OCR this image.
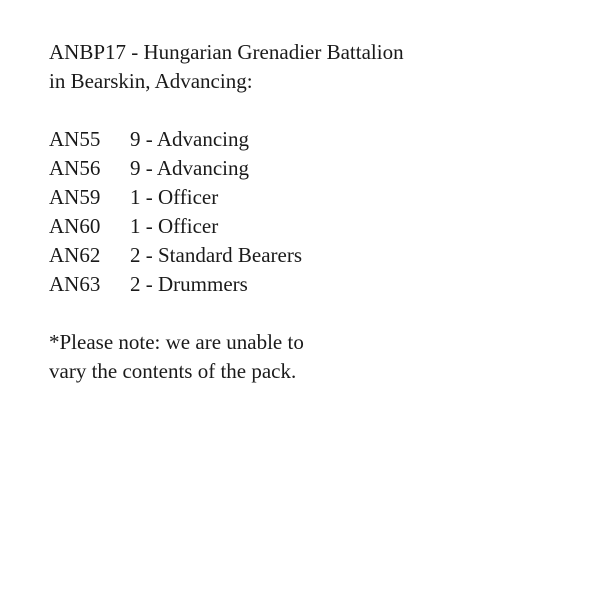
ANBP17 - Hungarian Grenadier Battalion
in Bearskin, Advancing:
AN55	9 - Advancing
AN56	9 - Advancing
AN59	1 - Officer
AN60	1 - Officer
AN62	2 - Standard Bearers
AN63	2 - Drummers
*Please note: we are unable to
vary the contents of the pack.
